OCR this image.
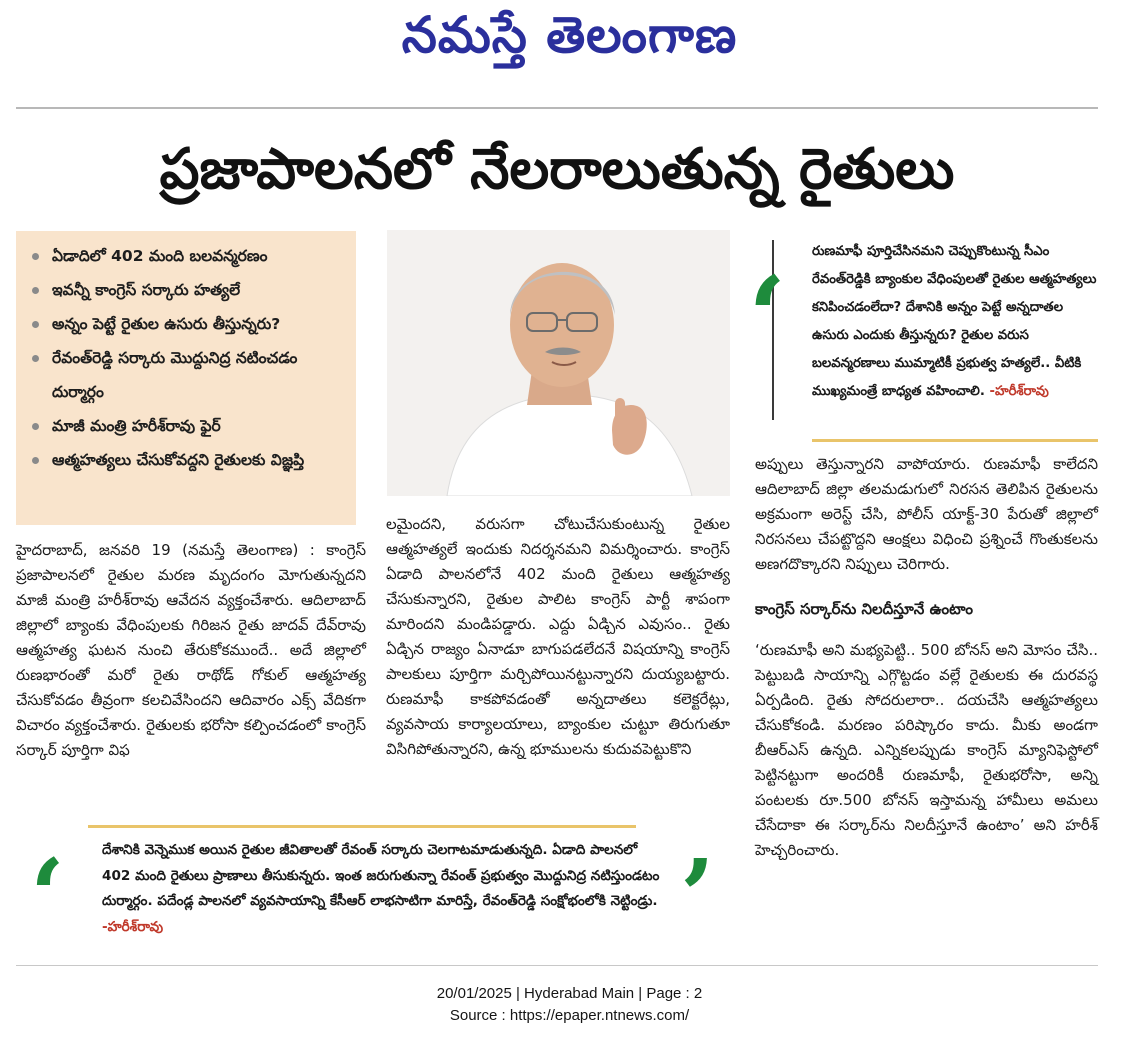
నమస్తే తెలంగాణ
ప్రజాపాలనలో నేలరాలుతున్న రైతులు
ఏడాదిలో 402 మంది బలవన్మరణం
ఇవన్నీ కాంగ్రెస్ సర్కారు హత్యలే
అన్నం పెట్టే రైతుల ఉసురు తీస్తున్నరు?
రేవంత్‌రెడ్డి సర్కారు మొద్దునిద్ర నటించడం దుర్మార్గం
మాజీ మంత్రి హరీశ్‌రావు ఫైర్
ఆత్మహత్యలు చేసుకోవద్దని రైతులకు విజ్ఞప్తి
‘
రుణమాఫీ పూర్తిచేసినమని చెప్పుకొంటున్న సీఎం రేవంత్‌రెడ్డికి బ్యాంకుల వేధింపులతో రైతుల ఆత్మహత్యలు కనిపించడంలేదా? దేశానికి అన్నం పెట్టే అన్నదాతల ఉసురు ఎందుకు తీస్తున్నరు? రైతుల వరుస బలవన్మరణాలు ముమ్మాటికీ ప్రభుత్వ హత్యలే.. వీటికి ముఖ్యమంత్రే బాధ్యత వహించాలి. -హరీశ్‌రావు

హైదరాబాద్, జనవరి 19 (నమస్తే తెలంగాణ) : కాంగ్రెస్ ప్రజాపాలనలో రైతుల మరణ మృదంగం మోగుతున్నదని మాజీ మంత్రి హరీశ్‌రావు ఆవేదన వ్యక్తంచేశారు. ఆదిలాబాద్ జిల్లాలో బ్యాంకు వేధింపులకు గిరిజన రైతు జాదవ్ దేవ్‌రావు ఆత్మహత్య ఘటన నుంచి తేరుకోకముందే.. అదే జిల్లాలో రుణభారంతో మరో రైతు రాథోడ్ గోకుల్ ఆత్మహత్య చేసుకోవడం తీవ్రంగా కలచివేసిందని ఆదివారం ఎక్స్ వేదికగా విచారం వ్యక్తంచేశారు. రైతులకు భరోసా కల్పించడంలో కాంగ్రెస్ సర్కార్ పూర్తిగా విఫ

లమైందని, వరుసగా చోటుచేసుకుంటున్న రైతుల ఆత్మహత్యలే ఇందుకు నిదర్శనమని విమర్శించారు. కాంగ్రెస్ ఏడాది పాలనలోనే 402 మంది రైతులు ఆత్మహత్య చేసుకున్నారని, రైతుల పాలిట కాంగ్రెస్ పార్టీ శాపంగా మారిందని మండిపడ్డారు. ఎద్దు ఏడ్చిన ఎవుసం.. రైతు ఏడ్చిన రాజ్యం ఏనాడూ బాగుపడలేదనే విషయాన్ని కాంగ్రెస్ పాలకులు పూర్తిగా మర్చిపోయినట్టున్నారని దుయ్యబట్టారు. రుణమాఫీ కాకపోవడంతో అన్నదాతలు కలెక్టరేట్లు, వ్యవసాయ కార్యాలయాలు, బ్యాంకుల చుట్టూ తిరుగుతూ విసిగిపోతున్నారని, ఉన్న భూములను కుదువపెట్టుకొని

అప్పులు తెస్తున్నారని వాపోయారు. రుణమాఫీ కాలేదని ఆదిలాబాద్ జిల్లా తలమడుగులో నిరసన తెలిపిన రైతులను అక్రమంగా అరెస్ట్ చేసి, పోలీస్ యాక్ట్-30 పేరుతో జిల్లాలో నిరసనలు చేపట్టొద్దని ఆంక్షలు విధించి ప్రశ్నించే గొంతుకలను అణగదొక్కారని నిప్పులు చెరిగారు.

కాంగ్రెస్ సర్కార్‌ను నిలదీస్తూనే ఉంటాం

‘రుణమాఫీ అని మభ్యపెట్టి.. 500 బోనస్ అని మోసం చేసి.. పెట్టుబడి సాయాన్ని ఎగ్గొట్టడం వల్లే రైతులకు ఈ దురవస్థ ఏర్పడింది. రైతు సోదరులారా.. దయచేసి ఆత్మహత్యలు చేసుకోకండి. మరణం పరిష్కారం కాదు. మీకు అండగా బీఆర్ఎస్ ఉన్నది. ఎన్నికలప్పుడు కాంగ్రెస్ మ్యానిఫెస్టోలో పెట్టినట్టుగా అందరికీ రుణమాఫీ, రైతుభరోసా, అన్ని పంటలకు రూ.500 బోనస్ ఇస్తామన్న హామీలు అమలు చేసేదాకా ఈ సర్కార్‌ను నిలదీస్తూనే ఉంటాం’ అని హరీశ్ హెచ్చరించారు.

‘	దేశానికి వెన్నెముక అయిన రైతుల జీవితాలతో రేవంత్ సర్కారు చెలగాటమాడుతున్నది. ఏడాది పాలనలో 402 మంది రైతులు ప్రాణాలు తీసుకున్నరు. ఇంత జరుగుతున్నా రేవంత్ ప్రభుత్వం మొద్దునిద్ర నటిస్తుండటం దుర్మార్గం. పదేండ్ల పాలనలో వ్యవసాయాన్ని కేసీఆర్ లాభసాటిగా మారిస్తే, రేవంత్‌రెడ్డి సంక్షోభంలోకి నెట్టిండ్రు. -హరీశ్‌రావు	’
20/01/2025 | Hyderabad Main | Page : 2
Source : https://epaper.ntnews.com/
